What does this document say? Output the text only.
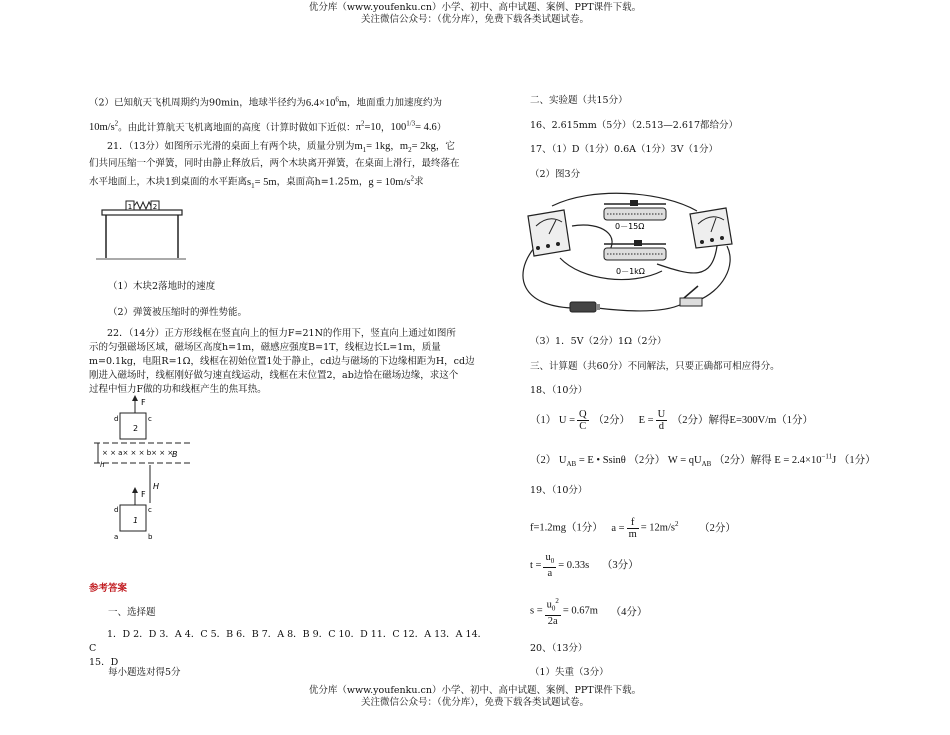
优分库（www.youfenku.cn）小学、初中、高中试题、案例、PPT课件下载。
关注微信公众号：（优分库），免费下载各类试题试卷。
（2）已知航天飞机周期约为90min，地球半径约为$6.4\times 10^6m$，地面重力加速度约为
$10m/s^2$。由此计算航天飞机离地面的高度（计算时做如下近似：$\pi^2=10$，$100^{1/3}= 4.6$）
21．（13分）如图所示光滑的桌面上有两个块，质量分别为$m_1= 1kg$，$m_2= 2kg$，它
们共同压缩一个弹簧，同时由静止释放后，两个木块离开弹簧，在桌面上滑行，最终落在
水平地面上，木块1到桌面的水平距离$s_1= 5m$，桌面高h=1.25m，$g = 10m/s^2$求
1	2
（1）木块2落地时的速度
（2）弹簧被压缩时的弹性势能。
22．（14分）正方形线框在竖直向上的恒力F=21N的作用下，竖直向上通过如图所
示的匀强磁场区域，磁场区高度h=1m，磁感应强度B=1T，线框边长L=1m，质量
m=0.1kg，电阻R=1Ω，线框在初始位置1处于静止，cd边与磁场的下边缘相距为H，cd边
刚进入磁场时，线框刚好做匀速直线运动，线框在末位置2，ab边恰在磁场边缘，求这个
过程中恒力F做的功和线框产生的焦耳热。
F
d	c
2
× × a× × × b× × ×
B
h
H
F
d	c
1
a	b
参考答案
一、选择题
1．D 2．D 3．A 4．C 5．B 6．B 7．A 8．B 9．C 10．D 11．C 12．A 13．A 14．C
15．D
每小题选对得5分
二、实验题（共15分）
16、2.615mm（5分）（2.513—2.617都给分）
17、（1）D（1分）0.6A（1分）3V（1分）
（2）图3分
0－15Ω
0－1kΩ
（3）1．5V（2分）1Ω（2分）
三、计算题（共60分）不同解法，只要正确都可相应得分。
18、（10分）
（1） $U = \frac{Q}{C} (2$分） $E = \frac{U}{d} (2$分）解得E=300V/m（1分）
（2） $U_{AB} = E$ • Ssinθ （2分） $W = qU_{AB}$ （2分）解得 $E = 2.4\times 10^{-11}J$ （1分）
19、（10分）
f=1.2mg（1分） $a = \frac{f}{m} = 12m/s^2$ （2分）
$t = \frac{u_0}{a} = 0.33s$ （3分）
$s = \frac{u_0^2}{2a} = 0.67m$ （4分）
20、（13分）
（1）失重（3分）
优分库（www.youfenku.cn）小学、初中、高中试题、案例、PPT课件下载。
关注微信公众号：（优分库），免费下载各类试题试卷。
